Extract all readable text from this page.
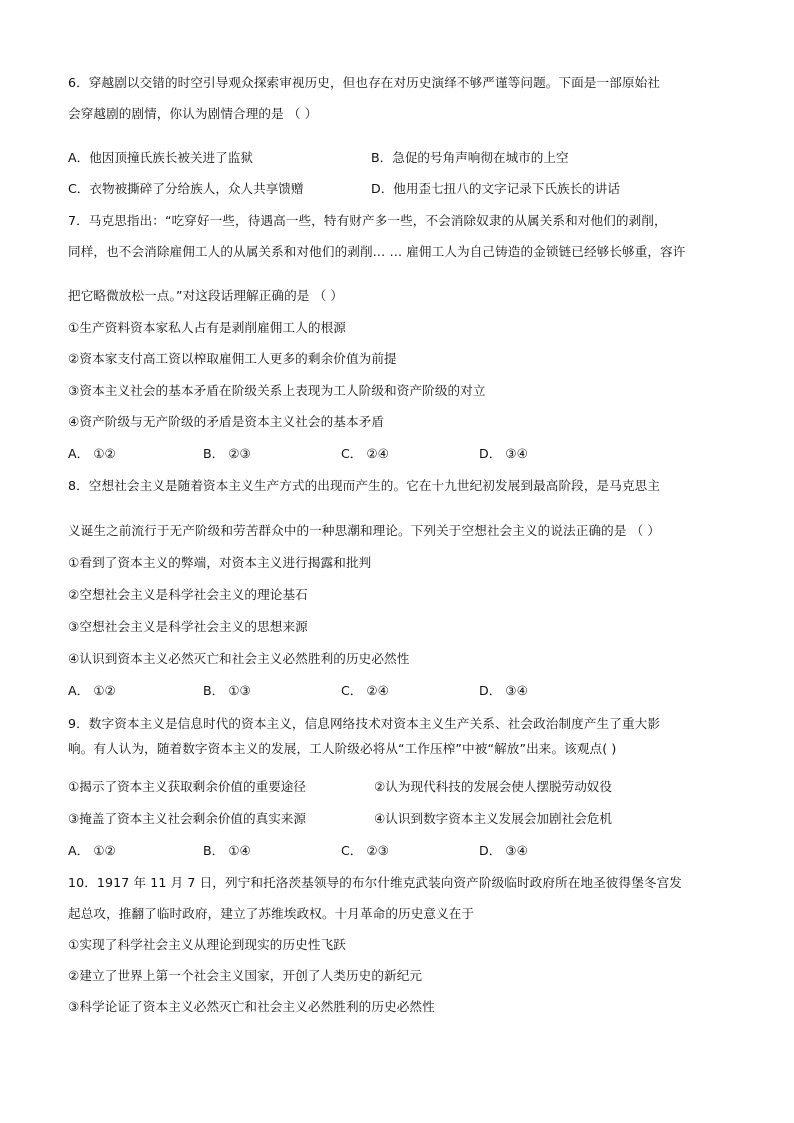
6．穿越剧以交错的时空引导观众探索审视历史，但也存在对历史演绎不够严谨等问题。下面是一部原始社
会穿越剧的剧情，你认为剧情合理的是 （ ）
A．他因顶撞氏族长被关进了监狱	B．急促的号角声响彻在城市的上空
C．衣物被撕碎了分给族人，众人共享馈赠	D．他用歪七扭八的文字记录下氏族长的讲话
7．马克思指出：“吃穿好一些，待遇高一些，特有财产多一些，不会消除奴隶的从属关系和对他们的剥削，
同样，也不会消除雇佣工人的从属关系和对他们的剥削… … 雇佣工人为自己铸造的金锁链已经够长够重，容许
把它略微放松一点。”对这段话理解正确的是 （ ）
①生产资料资本家私人占有是剥削雇佣工人的根源
②资本家支付高工资以榨取雇佣工人更多的剩余价值为前提
③资本主义社会的基本矛盾在阶级关系上表现为工人阶级和资产阶级的对立
④资产阶级与无产阶级的矛盾是资本主义社会的基本矛盾
A． ①②	B． ②③	C． ②④	D． ③④
8．空想社会主义是随着资本主义生产方式的出现而产生的。它在十九世纪初发展到最高阶段，是马克思主
义诞生之前流行于无产阶级和劳苦群众中的一种思潮和理论。下列关于空想社会主义的说法正确的是 （ ）
①看到了资本主义的弊端，对资本主义进行揭露和批判
②空想社会主义是科学社会主义的理论基石
③空想社会主义是科学社会主义的思想来源
④认识到资本主义必然灭亡和社会主义必然胜利的历史必然性
A． ①②	B． ①③	C． ②④	D． ③④
9．数字资本主义是信息时代的资本主义，信息网络技术对资本主义生产关系、社会政治制度产生了重大影
响。有人认为，随着数字资本主义的发展，工人阶级必将从“工作压榨”中被“解放”出来。该观点( )
①揭示了资本主义获取剩余价值的重要途径	②认为现代科技的发展会使人摆脱劳动奴役
③掩盖了资本主义社会剩余价值的真实来源	④认识到数字资本主义发展会加剧社会危机
A． ①②	B． ①④	C． ②③	D． ③④
10．1917 年 11 月 7 日，列宁和托洛茨基领导的布尔什维克武装向资产阶级临时政府所在地圣彼得堡冬宫发
起总攻，推翻了临时政府，建立了苏维埃政权。十月革命的历史意义在于
①实现了科学社会主义从理论到现实的历史性飞跃
②建立了世界上第一个社会主义国家，开创了人类历史的新纪元
③科学论证了资本主义必然灭亡和社会主义必然胜利的历史必然性
